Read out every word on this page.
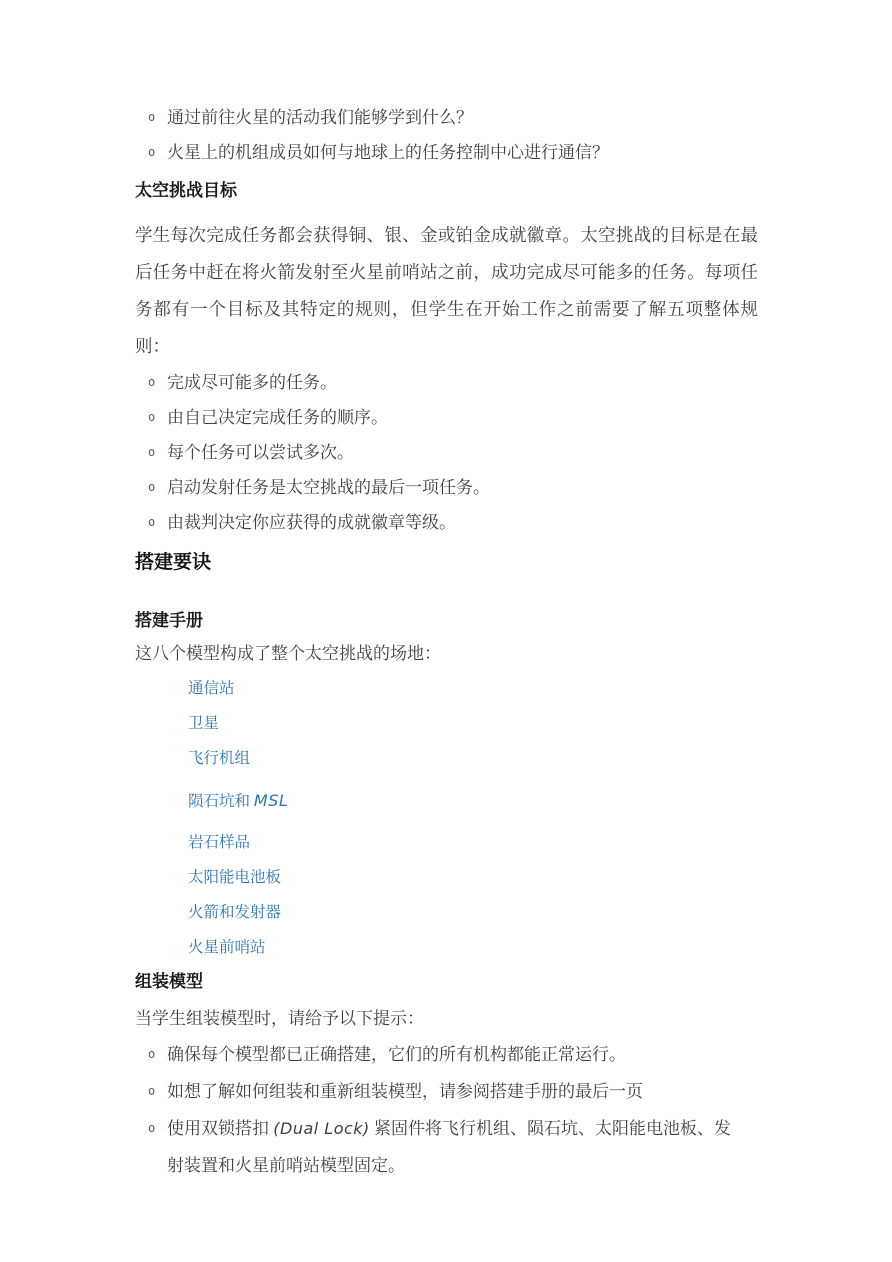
o 通过前往火星的活动我们能够学到什么？
o 火星上的机组成员如何与地球上的任务控制中心进行通信？
太空挑战目标
学生每次完成任务都会获得铜、银、金或铂金成就徽章。太空挑战的目标是在最后任务中赶在将火箭发射至火星前哨站之前，成功完成尽可能多的任务。每项任务都有一个目标及其特定的规则，但学生在开始工作之前需要了解五项整体规则：
o 完成尽可能多的任务。
o 由自己决定完成任务的顺序。
o 每个任务可以尝试多次。
o 启动发射任务是太空挑战的最后一项任务。
o 由裁判决定你应获得的成就徽章等级。
搭建要诀
搭建手册
这八个模型构成了整个太空挑战的场地：
通信站
卫星
飞行机组
陨石坑和 MSL
岩石样品
太阳能电池板
火箭和发射器
火星前哨站
组装模型
当学生组装模型时，请给予以下提示：
o 确保每个模型都已正确搭建，它们的所有机构都能正常运行。
o 如想了解如何组装和重新组装模型，请参阅搭建手册的最后一页
o 使用双锁搭扣 (Dual Lock) 紧固件将飞行机组、陨石坑、太阳能电池板、发射装置和火星前哨站模型固定。
